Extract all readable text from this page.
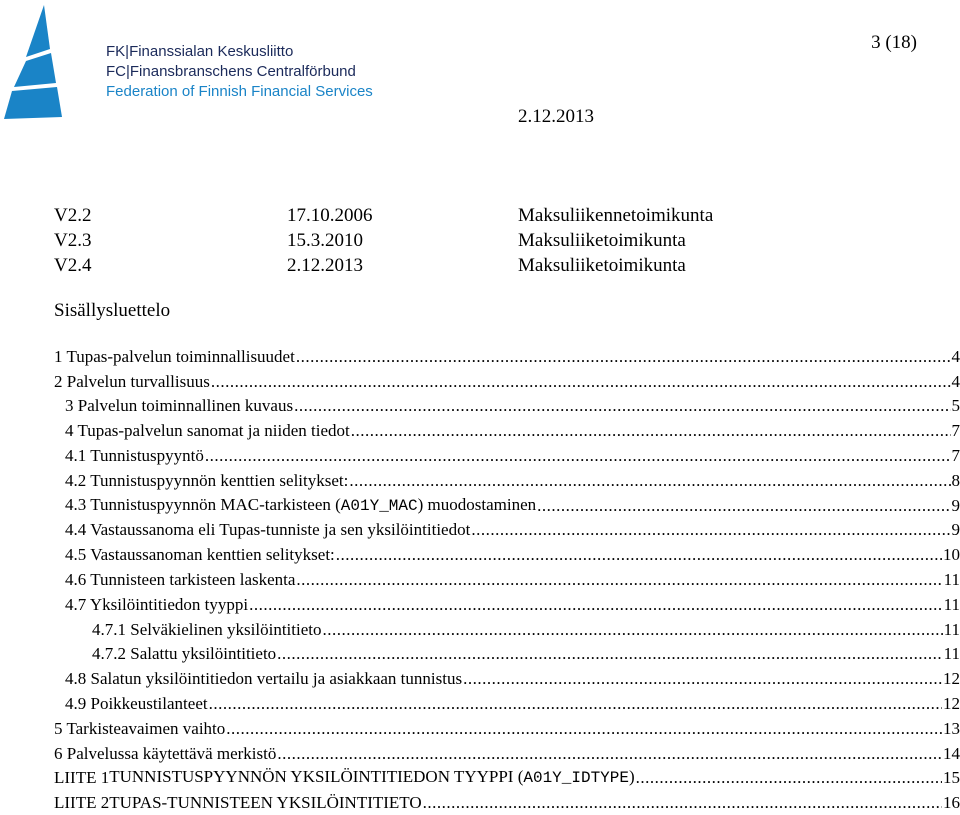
FK|Finanssialan Keskusliitto
FC|Finansbranschens Centralförbund
Federation of Finnish Financial Services
3 (18)
2.12.2013
V2.2	17.10.2006	Maksuliikennetoimikunta
V2.3	15.3.2010	Maksuliiketoimikunta
V2.4	2.12.2013	Maksuliiketoimikunta
Sisällysluettelo
1 Tupas-palvelun toiminnallisuudet .....	4
2 Palvelun turvallisuus .....	4
3 Palvelun toiminnallinen kuvaus .....	5
4 Tupas-palvelun sanomat ja niiden tiedot .....	7
4.1 Tunnistuspyyntö .....	7
4.2 Tunnistuspyynnön kenttien selitykset: .....	8
4.3 Tunnistuspyynnön MAC-tarkisteen (A01Y_MAC) muodostaminen .....	9
4.4 Vastaussanoma eli Tupas-tunniste ja sen yksilöintitiedot .....	9
4.5 Vastaussanoman kenttien selitykset: .....	10
4.6 Tunnisteen tarkisteen laskenta .....	11
4.7 Yksilöintitiedon tyyppi .....	11
4.7.1 Selväkielinen yksilöintitieto .....	11
4.7.2 Salattu yksilöintitieto .....	11
4.8 Salatun yksilöintitiedon vertailu ja asiakkaan tunnistus .....	12
4.9 Poikkeustilanteet .....	12
5 Tarkisteavaimen vaihto .....	13
6 Palvelussa käytettävä merkistö .....	14
LIITE 1 TUNNISTUSPYYNNÖN YKSILÖINTITIEDON TYYPPI (A01Y_IDTYPE) .....	15
LIITE 2 TUPAS-TUNNISTEEN YKSILÖINTITIETO .....	16
